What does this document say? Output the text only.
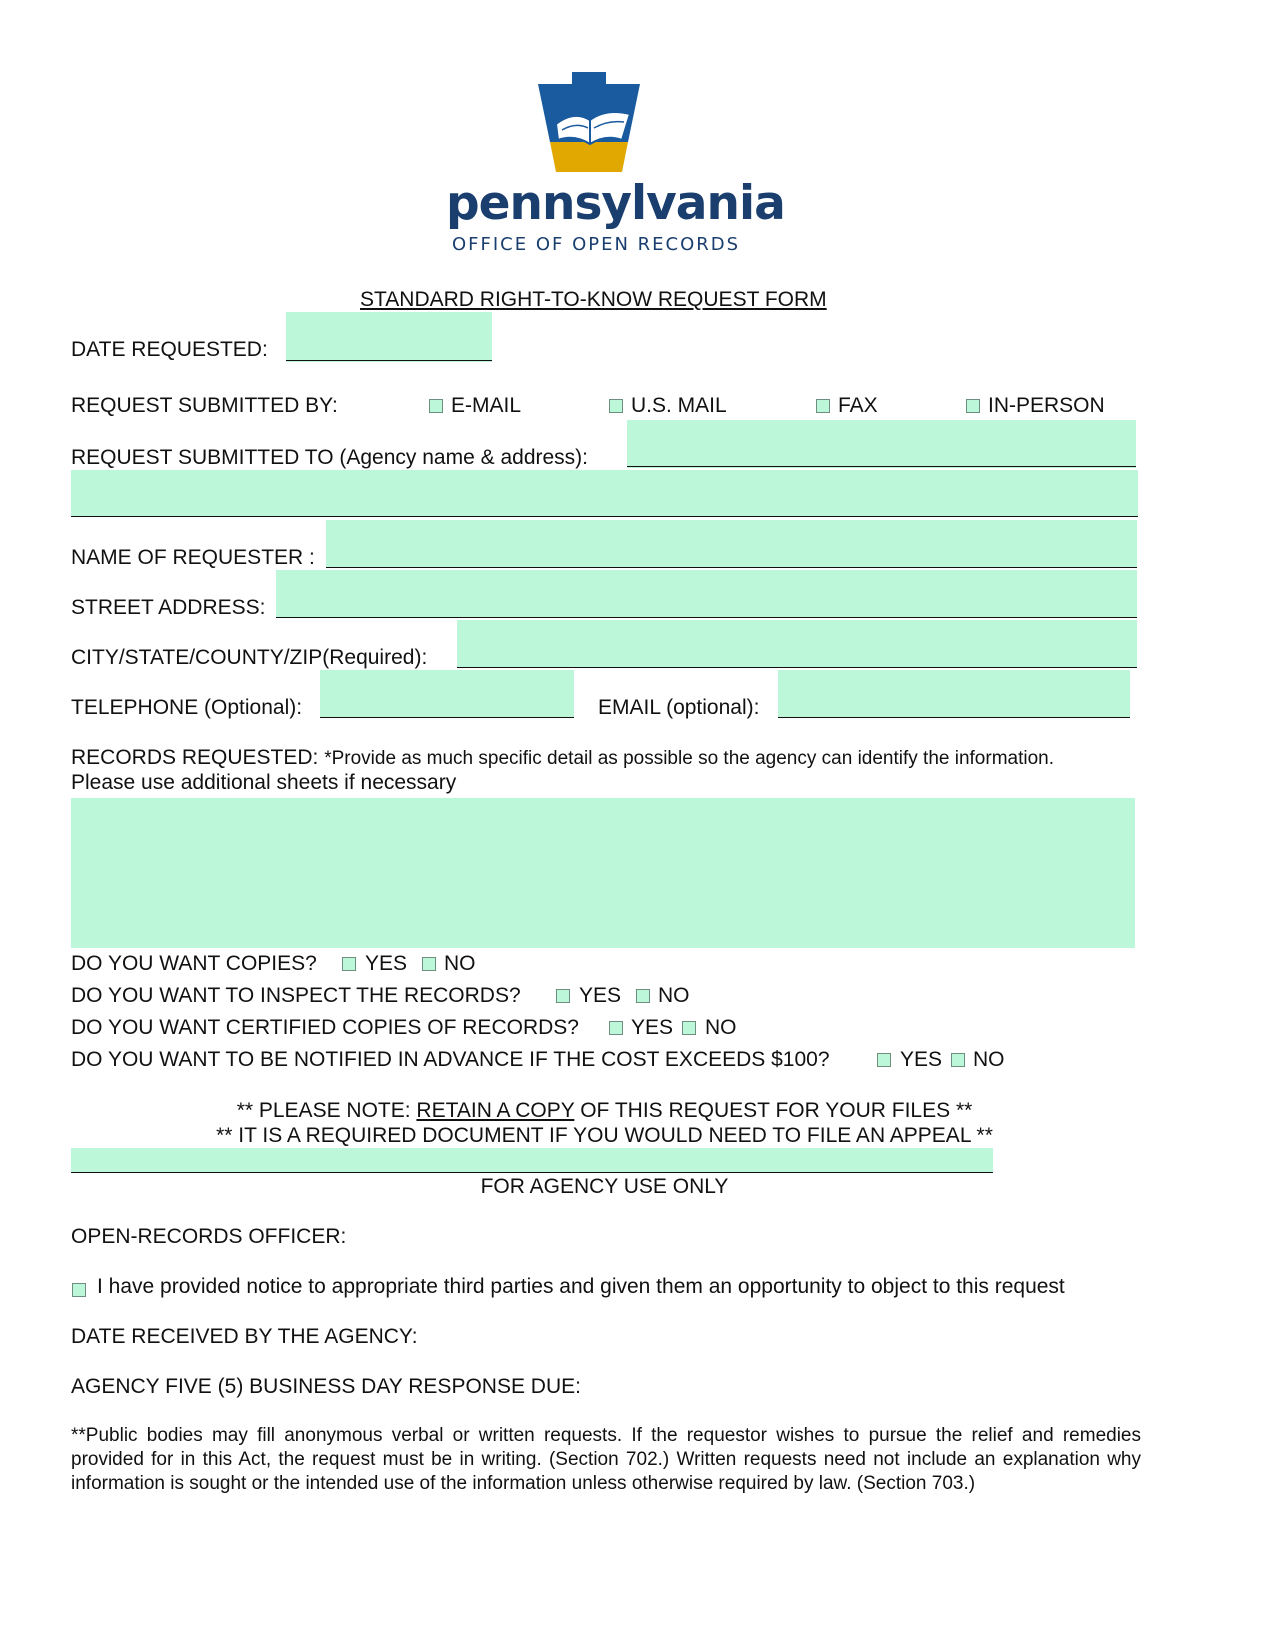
pennsylvania
OFFICE OF OPEN RECORDS
STANDARD RIGHT-TO-KNOW REQUEST FORM
DATE REQUESTED:
REQUEST SUBMITTED BY:	E-MAIL	U.S. MAIL	FAX	IN-PERSON
REQUEST SUBMITTED TO (Agency name & address):
NAME OF REQUESTER :
STREET ADDRESS:
CITY/STATE/COUNTY/ZIP(Required):
TELEPHONE (Optional):	EMAIL (optional):
RECORDS REQUESTED: *Provide as much specific detail as possible so the agency can identify the information.
Please use additional sheets if necessary
DO YOU WANT COPIES? YES NO
DO YOU WANT TO INSPECT THE RECORDS?	YES NO
DO YOU WANT CERTIFIED COPIES OF RECORDS? YES NO
DO YOU WANT TO BE NOTIFIED IN ADVANCE IF THE COST EXCEEDS $100?	YES NO
** PLEASE NOTE: RETAIN A COPY OF THIS REQUEST FOR YOUR FILES **
** IT IS A REQUIRED DOCUMENT IF YOU WOULD NEED TO FILE AN APPEAL **
FOR AGENCY USE ONLY
OPEN-RECORDS OFFICER:
I have provided notice to appropriate third parties and given them an opportunity to object to this request
DATE RECEIVED BY THE AGENCY:
AGENCY FIVE (5) BUSINESS DAY RESPONSE DUE:
**Public bodies may fill anonymous verbal or written requests. If the requestor wishes to pursue the relief and remedies provided for in this Act, the request must be in writing. (Section 702.) Written requests need not include an explanation why information is sought or the intended use of the information unless otherwise required by law. (Section 703.)
